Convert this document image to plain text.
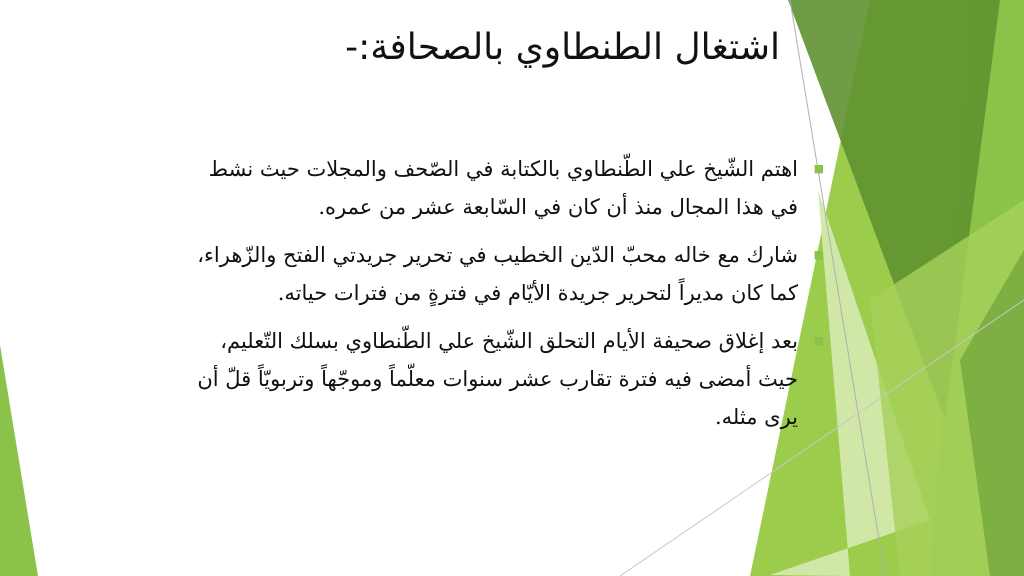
اشتغال الطنطاوي بالصحافة:-
■
اهتم الشّيخ علي الطّنطاوي بالكتابة في الصّحف والمجلات حيث نشط
في هذا المجال منذ أن كان في السّابعة عشر من عمره.
■
شارك مع خاله محبّ الدّين الخطيب في تحرير جريدتي الفتح والزّهراء،
كما كان مديراً لتحرير جريدة الأيّام في فترةٍ من فترات حياته.
■
بعد إغلاق صحيفة الأيام التحلق الشّيخ علي الطّنطاوي بسلك التّعليم،
حيث أمضى فيه فترة تقارب عشر سنوات معلّماً وموجّهاً وتربويّاً قلّ أن
يرى مثله.
